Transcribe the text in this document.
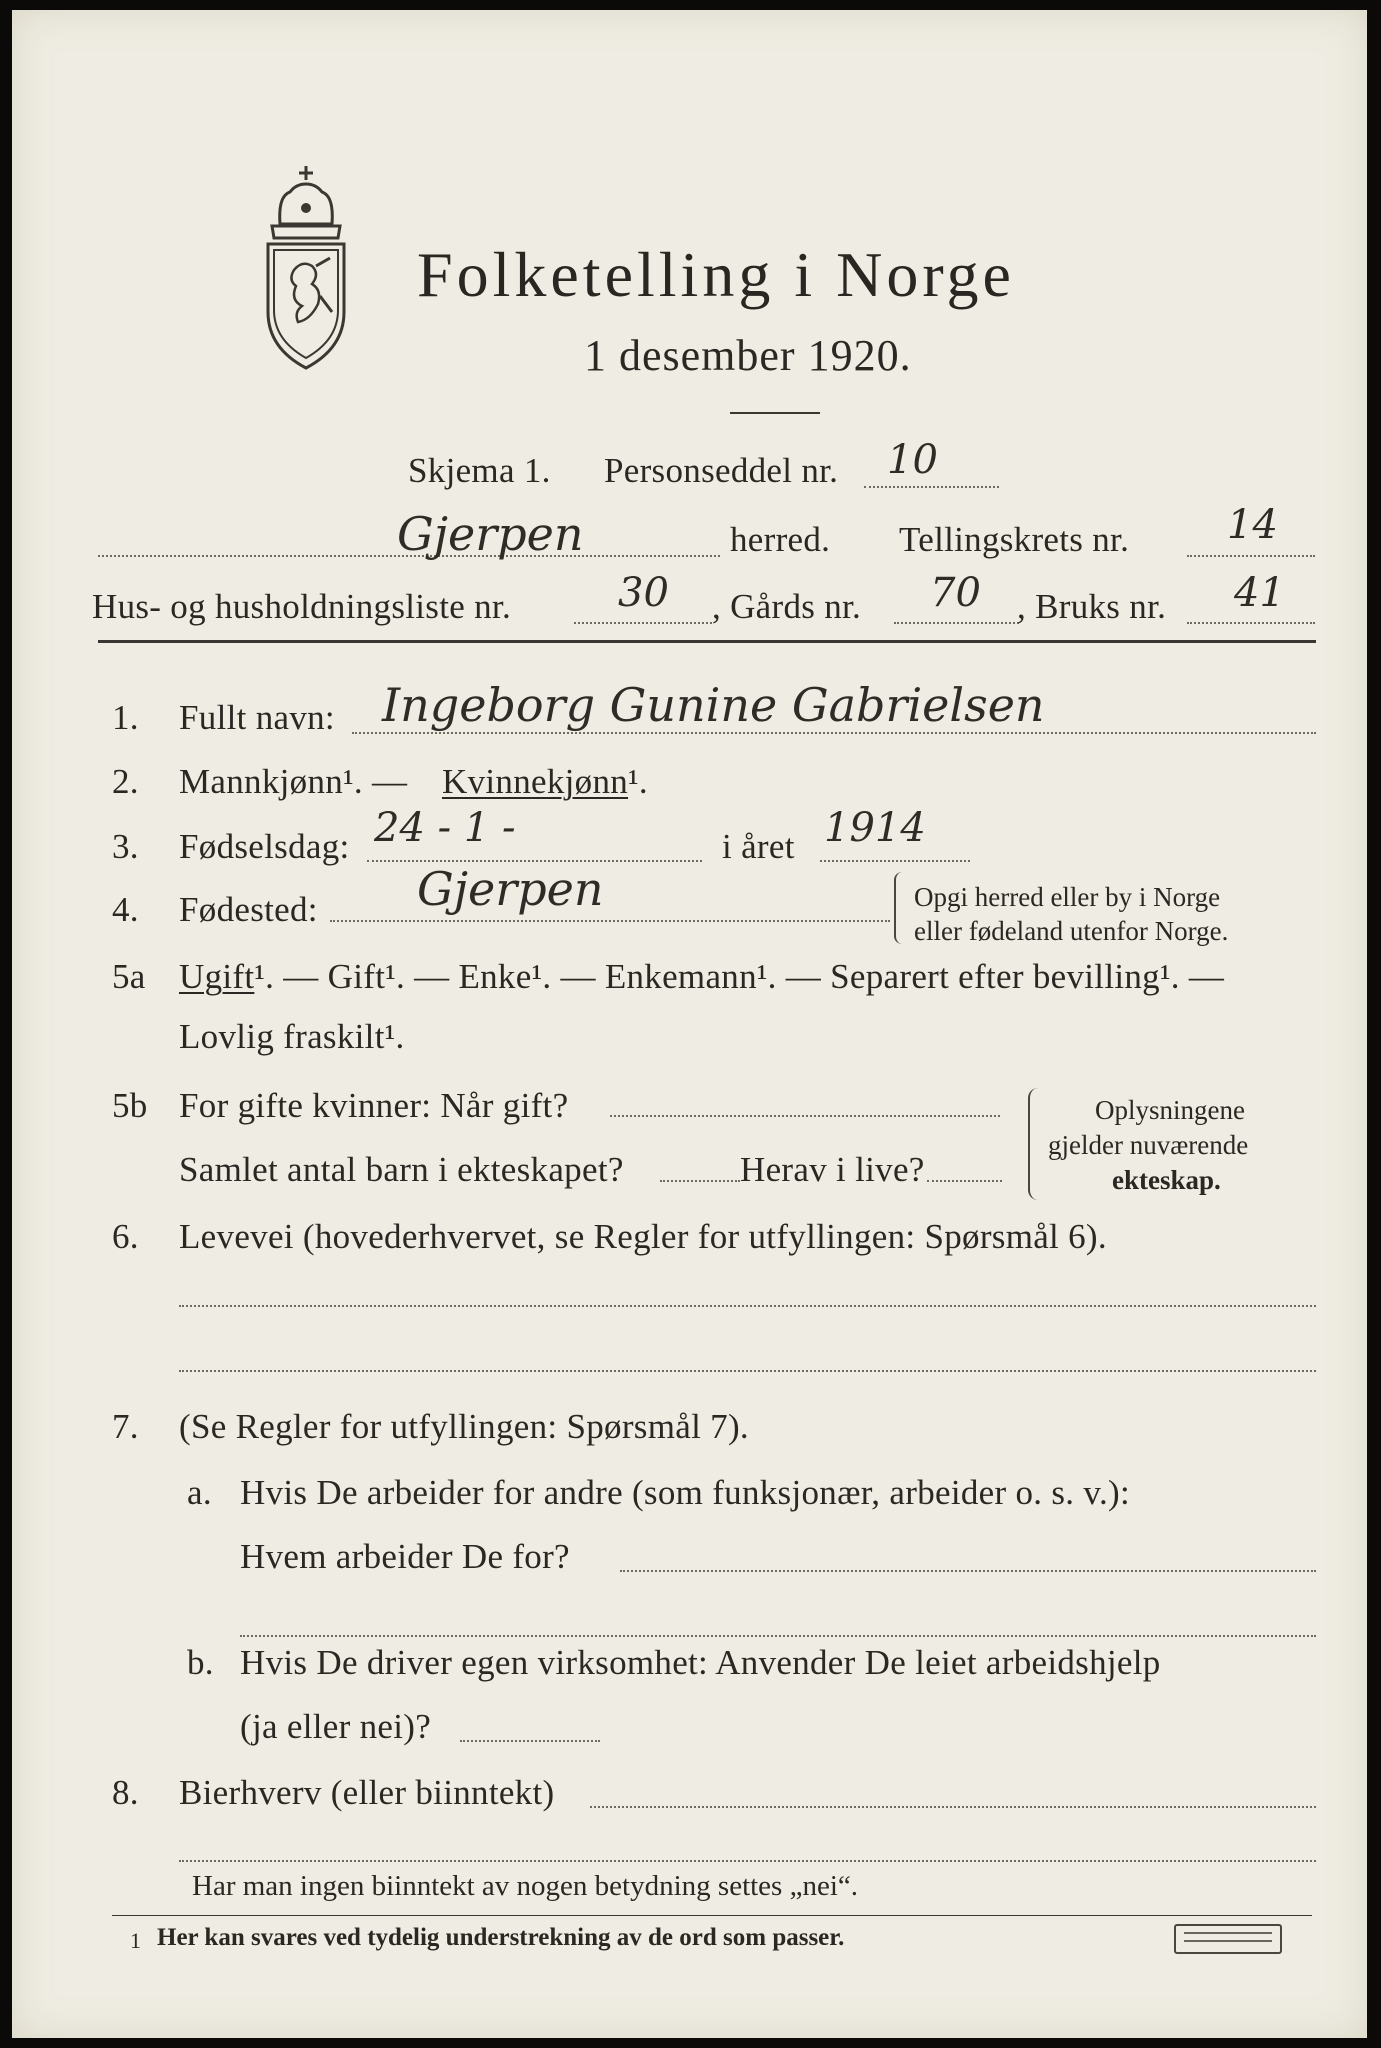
Folketelling i Norge
1 desember 1920.
Skjema 1. Personseddel nr. 10
Gjerpen	herred. Tellingskrets nr. 14
Hus- og husholdningsliste nr.	30 , Gårds nr. 70 , Bruks nr. 41
1. Fullt navn: Ingeborg Gunine Gabrielsen
2. Mannkjønn¹. — Kvinnekjønn¹.
3. Fødselsdag: 24 - 1 -	i året 1914
4. Fødested: Gjerpen	Opgi herred eller by i Norge
eller fødeland utenfor Norge.
5a Ugift¹. — Gift¹. — Enke¹. — Enkemann¹. — Separert efter bevilling¹. —
Lovlig fraskilt¹.
5b For gifte kvinner: Når gift?
Samlet antal barn i ekteskapet?	Herav i live?
Oplysningene
gjelder nuværende
ekteskap.
6. Levevei (hovederhvervet, se Regler for utfyllingen: Spørsmål 6).
7. (Se Regler for utfyllingen: Spørsmål 7).
a. Hvis De arbeider for andre (som funksjonær, arbeider o. s. v.):
Hvem arbeider De for?
b. Hvis De driver egen virksomhet: Anvender De leiet arbeidshjelp
(ja eller nei)?
8. Bierhverv (eller biinntekt)
Har man ingen biinntekt av nogen betydning settes „nei“.
1 Her kan svares ved tydelig understrekning av de ord som passer.
